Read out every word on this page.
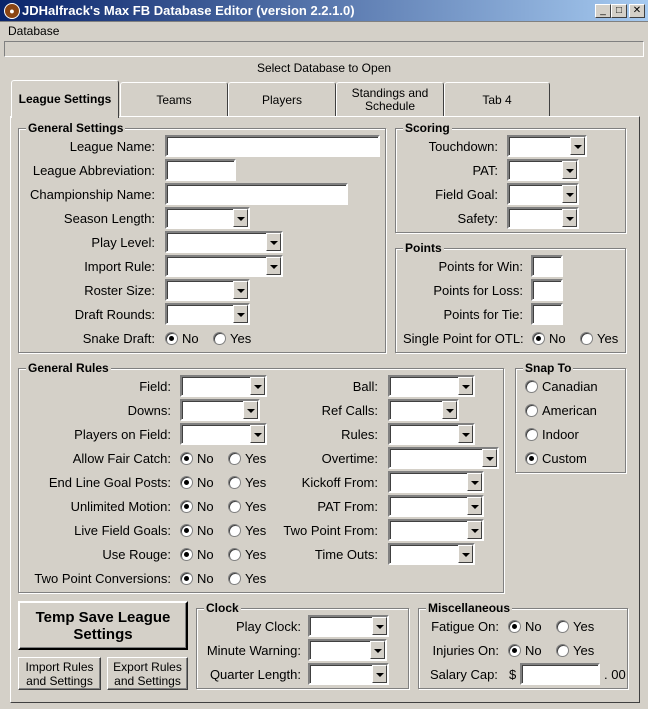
● JDHalfrack's Max FB Database Editor (version 2.2.1.0)	_	□	✕
Database
Select Database to Open
League Settings	Teams	Players	Standings and Schedule	Tab 4
General Settings
League Name:
League Abbreviation:
Championship Name:
Season Length:
Play Level:
Import Rule:
Roster Size:
Draft Rounds:
Snake Draft: No Yes
Scoring
Touchdown:
PAT:
Field Goal:
Safety:
Points
Points for Win:
Points for Loss:
Points for Tie:
Single Point for OTL: No Yes
General Rules
Field:
Downs:
Players on Field:
Allow Fair Catch: No Yes
End Line Goal Posts: No Yes
Unlimited Motion: No Yes
Live Field Goals: No Yes
Use Rouge: No Yes
Two Point Conversions: No Yes
Ball:
Ref Calls:
Rules:
Overtime:
Kickoff From:
PAT From:
Two Point From:
Time Outs:
Snap To
Canadian
American
Indoor
Custom
Temp Save League Settings
Import Rules and Settings
Export Rules and Settings
Clock
Play Clock:
Minute Warning:
Quarter Length:
Miscellaneous
Fatigue On: No Yes
Injuries On: No Yes
Salary Cap: $	. 00
